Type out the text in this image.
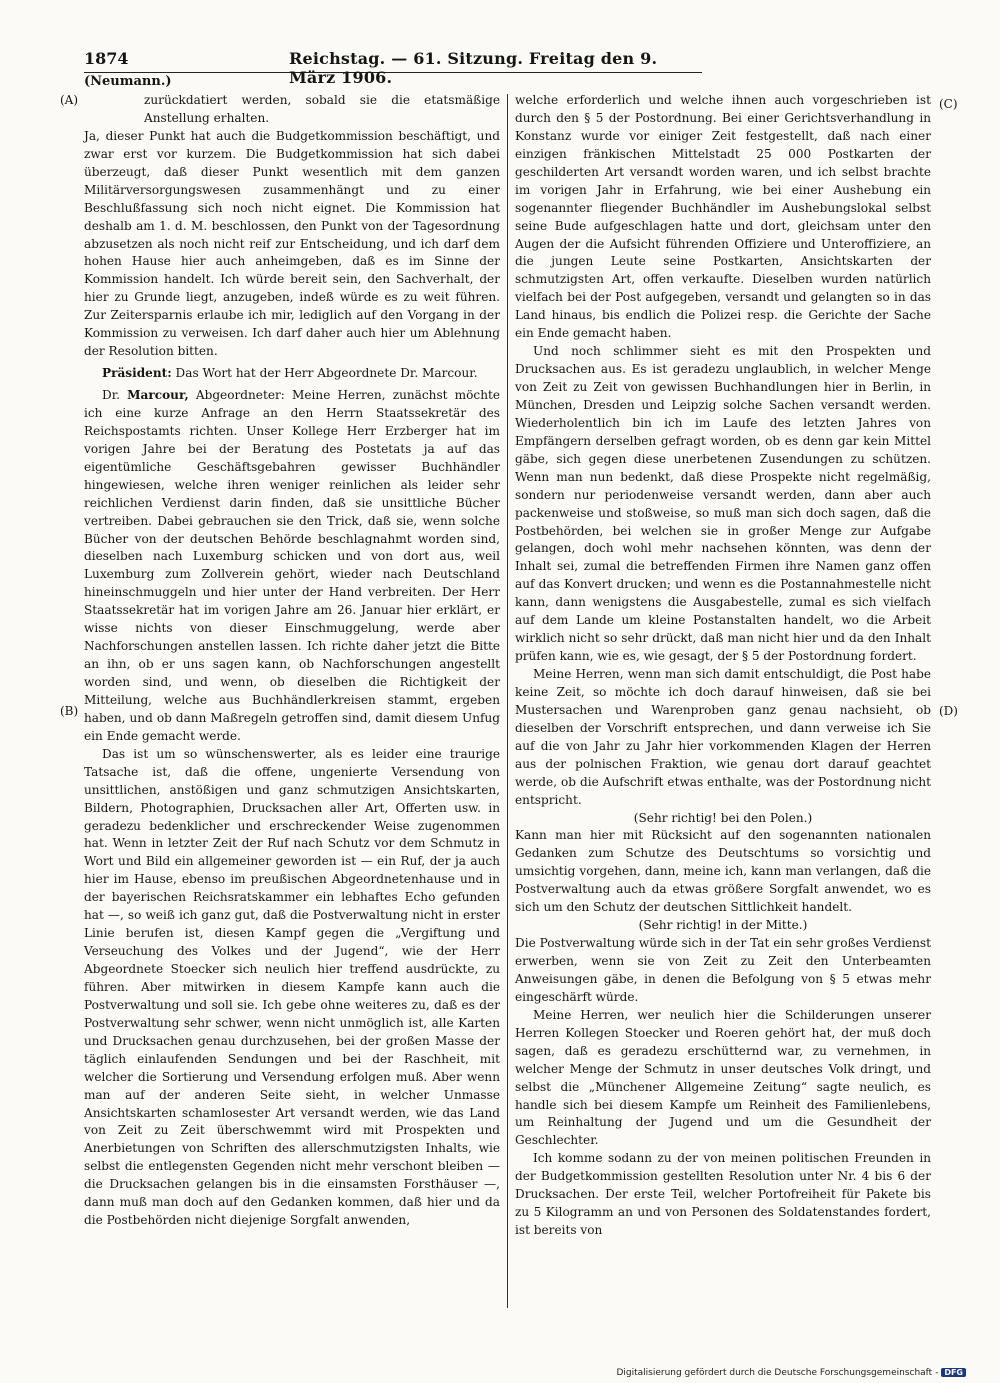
1874	Reichstag. — 61. Sitzung. Freitag den 9. März 1906.
(Neumann.)
(A)
(B)
(C)
(D)

zurückdatiert werden, sobald sie die etatsmäßige Anstellung erhalten.

Ja, dieser Punkt hat auch die Budgetkommission beschäftigt, und zwar erst vor kurzem. Die Budgetkommission hat sich dabei überzeugt, daß dieser Punkt wesentlich mit dem ganzen Militärversorgungswesen zusammenhängt und zu einer Beschlußfassung sich noch nicht eignet. Die Kommission hat deshalb am 1. d. M. beschlossen, den Punkt von der Tagesordnung abzusetzen als noch nicht reif zur Entscheidung, und ich darf dem hohen Hause hier auch anheimgeben, daß es im Sinne der Kommission handelt. Ich würde bereit sein, den Sachverhalt, der hier zu Grunde liegt, anzugeben, indeß würde es zu weit führen. Zur Zeitersparnis erlaube ich mir, lediglich auf den Vorgang in der Kommission zu verweisen. Ich darf daher auch hier um Ablehnung der Resolution bitten.

Präsident: Das Wort hat der Herr Abgeordnete Dr. Marcour.

Dr. Marcour, Abgeordneter: Meine Herren, zunächst möchte ich eine kurze Anfrage an den Herrn Staatssekretär des Reichspostamts richten. Unser Kollege Herr Erzberger hat im vorigen Jahre bei der Beratung des Postetats ja auf das eigentümliche Geschäftsgebahren gewisser Buchhändler hingewiesen, welche ihren weniger reinlichen als leider sehr reichlichen Verdienst darin finden, daß sie unsittliche Bücher vertreiben. Dabei gebrauchen sie den Trick, daß sie, wenn solche Bücher von der deutschen Behörde beschlagnahmt worden sind, dieselben nach Luxemburg schicken und von dort aus, weil Luxemburg zum Zollverein gehört, wieder nach Deutschland hineinschmuggeln und hier unter der Hand verbreiten. Der Herr Staatssekretär hat im vorigen Jahre am 26. Januar hier erklärt, er wisse nichts von dieser Einschmuggelung, werde aber Nachforschungen anstellen lassen. Ich richte daher jetzt die Bitte an ihn, ob er uns sagen kann, ob Nachforschungen angestellt worden sind, und wenn, ob dieselben die Richtigkeit der Mitteilung, welche aus Buchhändlerkreisen stammt, ergeben haben, und ob dann Maßregeln getroffen sind, damit diesem Unfug ein Ende gemacht werde.

Das ist um so wünschenswerter, als es leider eine traurige Tatsache ist, daß die offene, ungenierte Versendung von unsittlichen, anstößigen und ganz schmutzigen Ansichtskarten, Bildern, Photographien, Drucksachen aller Art, Offerten usw. in geradezu bedenklicher und erschreckender Weise zugenommen hat. Wenn in letzter Zeit der Ruf nach Schutz vor dem Schmutz in Wort und Bild ein allgemeiner geworden ist — ein Ruf, der ja auch hier im Hause, ebenso im preußischen Abgeordnetenhause und in der bayerischen Reichsratskammer ein lebhaftes Echo gefunden hat —, so weiß ich ganz gut, daß die Postverwaltung nicht in erster Linie berufen ist, diesen Kampf gegen die „Vergiftung und Verseuchung des Volkes und der Jugend“, wie der Herr Abgeordnete Stoecker sich neulich hier treffend ausdrückte, zu führen. Aber mitwirken in diesem Kampfe kann auch die Postverwaltung und soll sie. Ich gebe ohne weiteres zu, daß es der Postverwaltung sehr schwer, wenn nicht unmöglich ist, alle Karten und Drucksachen genau durchzusehen, bei der großen Masse der täglich einlaufenden Sendungen und bei der Raschheit, mit welcher die Sortierung und Versendung erfolgen muß. Aber wenn man auf der anderen Seite sieht, in welcher Unmasse Ansichtskarten schamlosester Art versandt werden, wie das Land von Zeit zu Zeit überschwemmt wird mit Prospekten und Anerbietungen von Schriften des allerschmutzigsten Inhalts, wie selbst die entlegensten Gegenden nicht mehr verschont bleiben — die Drucksachen gelangen bis in die einsamsten Forsthäuser —, dann muß man doch auf den Gedanken kommen, daß hier und da die Postbehörden nicht diejenige Sorgfalt anwenden,

welche erforderlich und welche ihnen auch vorgeschrieben ist durch den § 5 der Postordnung. Bei einer Gerichtsverhandlung in Konstanz wurde vor einiger Zeit festgestellt, daß nach einer einzigen fränkischen Mittelstadt 25 000 Postkarten der geschilderten Art versandt worden waren, und ich selbst brachte im vorigen Jahr in Erfahrung, wie bei einer Aushebung ein sogenannter fliegender Buchhändler im Aushebungslokal selbst seine Bude aufgeschlagen hatte und dort, gleichsam unter den Augen der die Aufsicht führenden Offiziere und Unteroffiziere, an die jungen Leute seine Postkarten, Ansichtskarten der schmutzigsten Art, offen verkaufte. Dieselben wurden natürlich vielfach bei der Post aufgegeben, versandt und gelangten so in das Land hinaus, bis endlich die Polizei resp. die Gerichte der Sache ein Ende gemacht haben.

Und noch schlimmer sieht es mit den Prospekten und Drucksachen aus. Es ist geradezu unglaublich, in welcher Menge von Zeit zu Zeit von gewissen Buchhandlungen hier in Berlin, in München, Dresden und Leipzig solche Sachen versandt werden. Wiederholentlich bin ich im Laufe des letzten Jahres von Empfängern derselben gefragt worden, ob es denn gar kein Mittel gäbe, sich gegen diese unerbetenen Zusendungen zu schützen. Wenn man nun bedenkt, daß diese Prospekte nicht regelmäßig, sondern nur periodenweise versandt werden, dann aber auch packenweise und stoßweise, so muß man sich doch sagen, daß die Postbehörden, bei welchen sie in großer Menge zur Aufgabe gelangen, doch wohl mehr nachsehen könnten, was denn der Inhalt sei, zumal die betreffenden Firmen ihre Namen ganz offen auf das Konvert drucken; und wenn es die Postannahmestelle nicht kann, dann wenigstens die Ausgabestelle, zumal es sich vielfach auf dem Lande um kleine Postanstalten handelt, wo die Arbeit wirklich nicht so sehr drückt, daß man nicht hier und da den Inhalt prüfen kann, wie es, wie gesagt, der § 5 der Postordnung fordert.

Meine Herren, wenn man sich damit entschuldigt, die Post habe keine Zeit, so möchte ich doch darauf hinweisen, daß sie bei Mustersachen und Warenproben ganz genau nachsieht, ob dieselben der Vorschrift entsprechen, und dann verweise ich Sie auf die von Jahr zu Jahr hier vorkommenden Klagen der Herren aus der polnischen Fraktion, wie genau dort darauf geachtet werde, ob die Aufschrift etwas enthalte, was der Postordnung nicht entspricht.

(Sehr richtig! bei den Polen.)

Kann man hier mit Rücksicht auf den sogenannten nationalen Gedanken zum Schutze des Deutschtums so vorsichtig und umsichtig vorgehen, dann, meine ich, kann man verlangen, daß die Postverwaltung auch da etwas größere Sorgfalt anwendet, wo es sich um den Schutz der deutschen Sittlichkeit handelt.

(Sehr richtig! in der Mitte.)

Die Postverwaltung würde sich in der Tat ein sehr großes Verdienst erwerben, wenn sie von Zeit zu Zeit den Unterbeamten Anweisungen gäbe, in denen die Befolgung von § 5 etwas mehr eingeschärft würde.

Meine Herren, wer neulich hier die Schilderungen unserer Herren Kollegen Stoecker und Roeren gehört hat, der muß doch sagen, daß es geradezu erschütternd war, zu vernehmen, in welcher Menge der Schmutz in unser deutsches Volk dringt, und selbst die „Münchener Allgemeine Zeitung“ sagte neulich, es handle sich bei diesem Kampfe um Reinheit des Familienlebens, um Reinhaltung der Jugend und um die Gesundheit der Geschlechter.

Ich komme sodann zu der von meinen politischen Freunden in der Budgetkommission gestellten Resolution unter Nr. 4 bis 6 der Drucksachen. Der erste Teil, welcher Portofreiheit für Pakete bis zu 5 Kilogramm an und von Personen des Soldatenstandes fordert, ist bereits von

Digitalisierung gefördert durch die Deutsche Forschungsgemeinschaft - DFG
